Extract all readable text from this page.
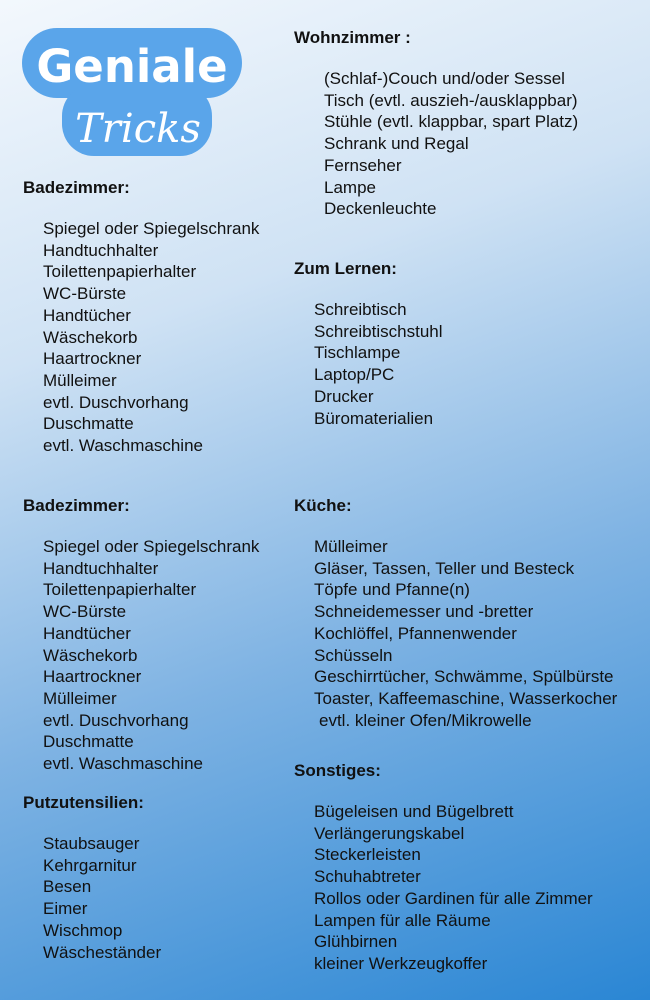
Geniale
Tricks
Badezimmer:
Spiegel oder Spiegelschrank
Handtuchhalter
Toilettenpapierhalter
WC-Bürste
Handtücher
Wäschekorb
Haartrockner
Mülleimer
evtl. Duschvorhang
Duschmatte
evtl. Waschmaschine
Badezimmer:
Spiegel oder Spiegelschrank
Handtuchhalter
Toilettenpapierhalter
WC-Bürste
Handtücher
Wäschekorb
Haartrockner
Mülleimer
evtl. Duschvorhang
Duschmatte
evtl. Waschmaschine
Putzutensilien:
Staubsauger
Kehrgarnitur
Besen
Eimer
Wischmop
Wäscheständer
Wohnzimmer :
(Schlaf-)Couch und/oder Sessel
Tisch (evtl. auszieh-/ausklappbar)
Stühle (evtl. klappbar, spart Platz)
Schrank und Regal
Fernseher
Lampe
Deckenleuchte
Zum Lernen:
Schreibtisch
Schreibtischstuhl
Tischlampe
Laptop/PC
Drucker
Büromaterialien
Küche:
Mülleimer
Gläser, Tassen, Teller und Besteck
Töpfe und Pfanne(n)
Schneidemesser und -bretter
Kochlöffel, Pfannenwender
Schüsseln
Geschirrtücher, Schwämme, Spülbürste
Toaster, Kaffeemaschine, Wasserkocher
evtl. kleiner Ofen/Mikrowelle
Sonstiges:
Bügeleisen und Bügelbrett
Verlängerungskabel
Steckerleisten
Schuhabtreter
Rollos oder Gardinen für alle Zimmer
Lampen für alle Räume
Glühbirnen
kleiner Werkzeugkoffer
